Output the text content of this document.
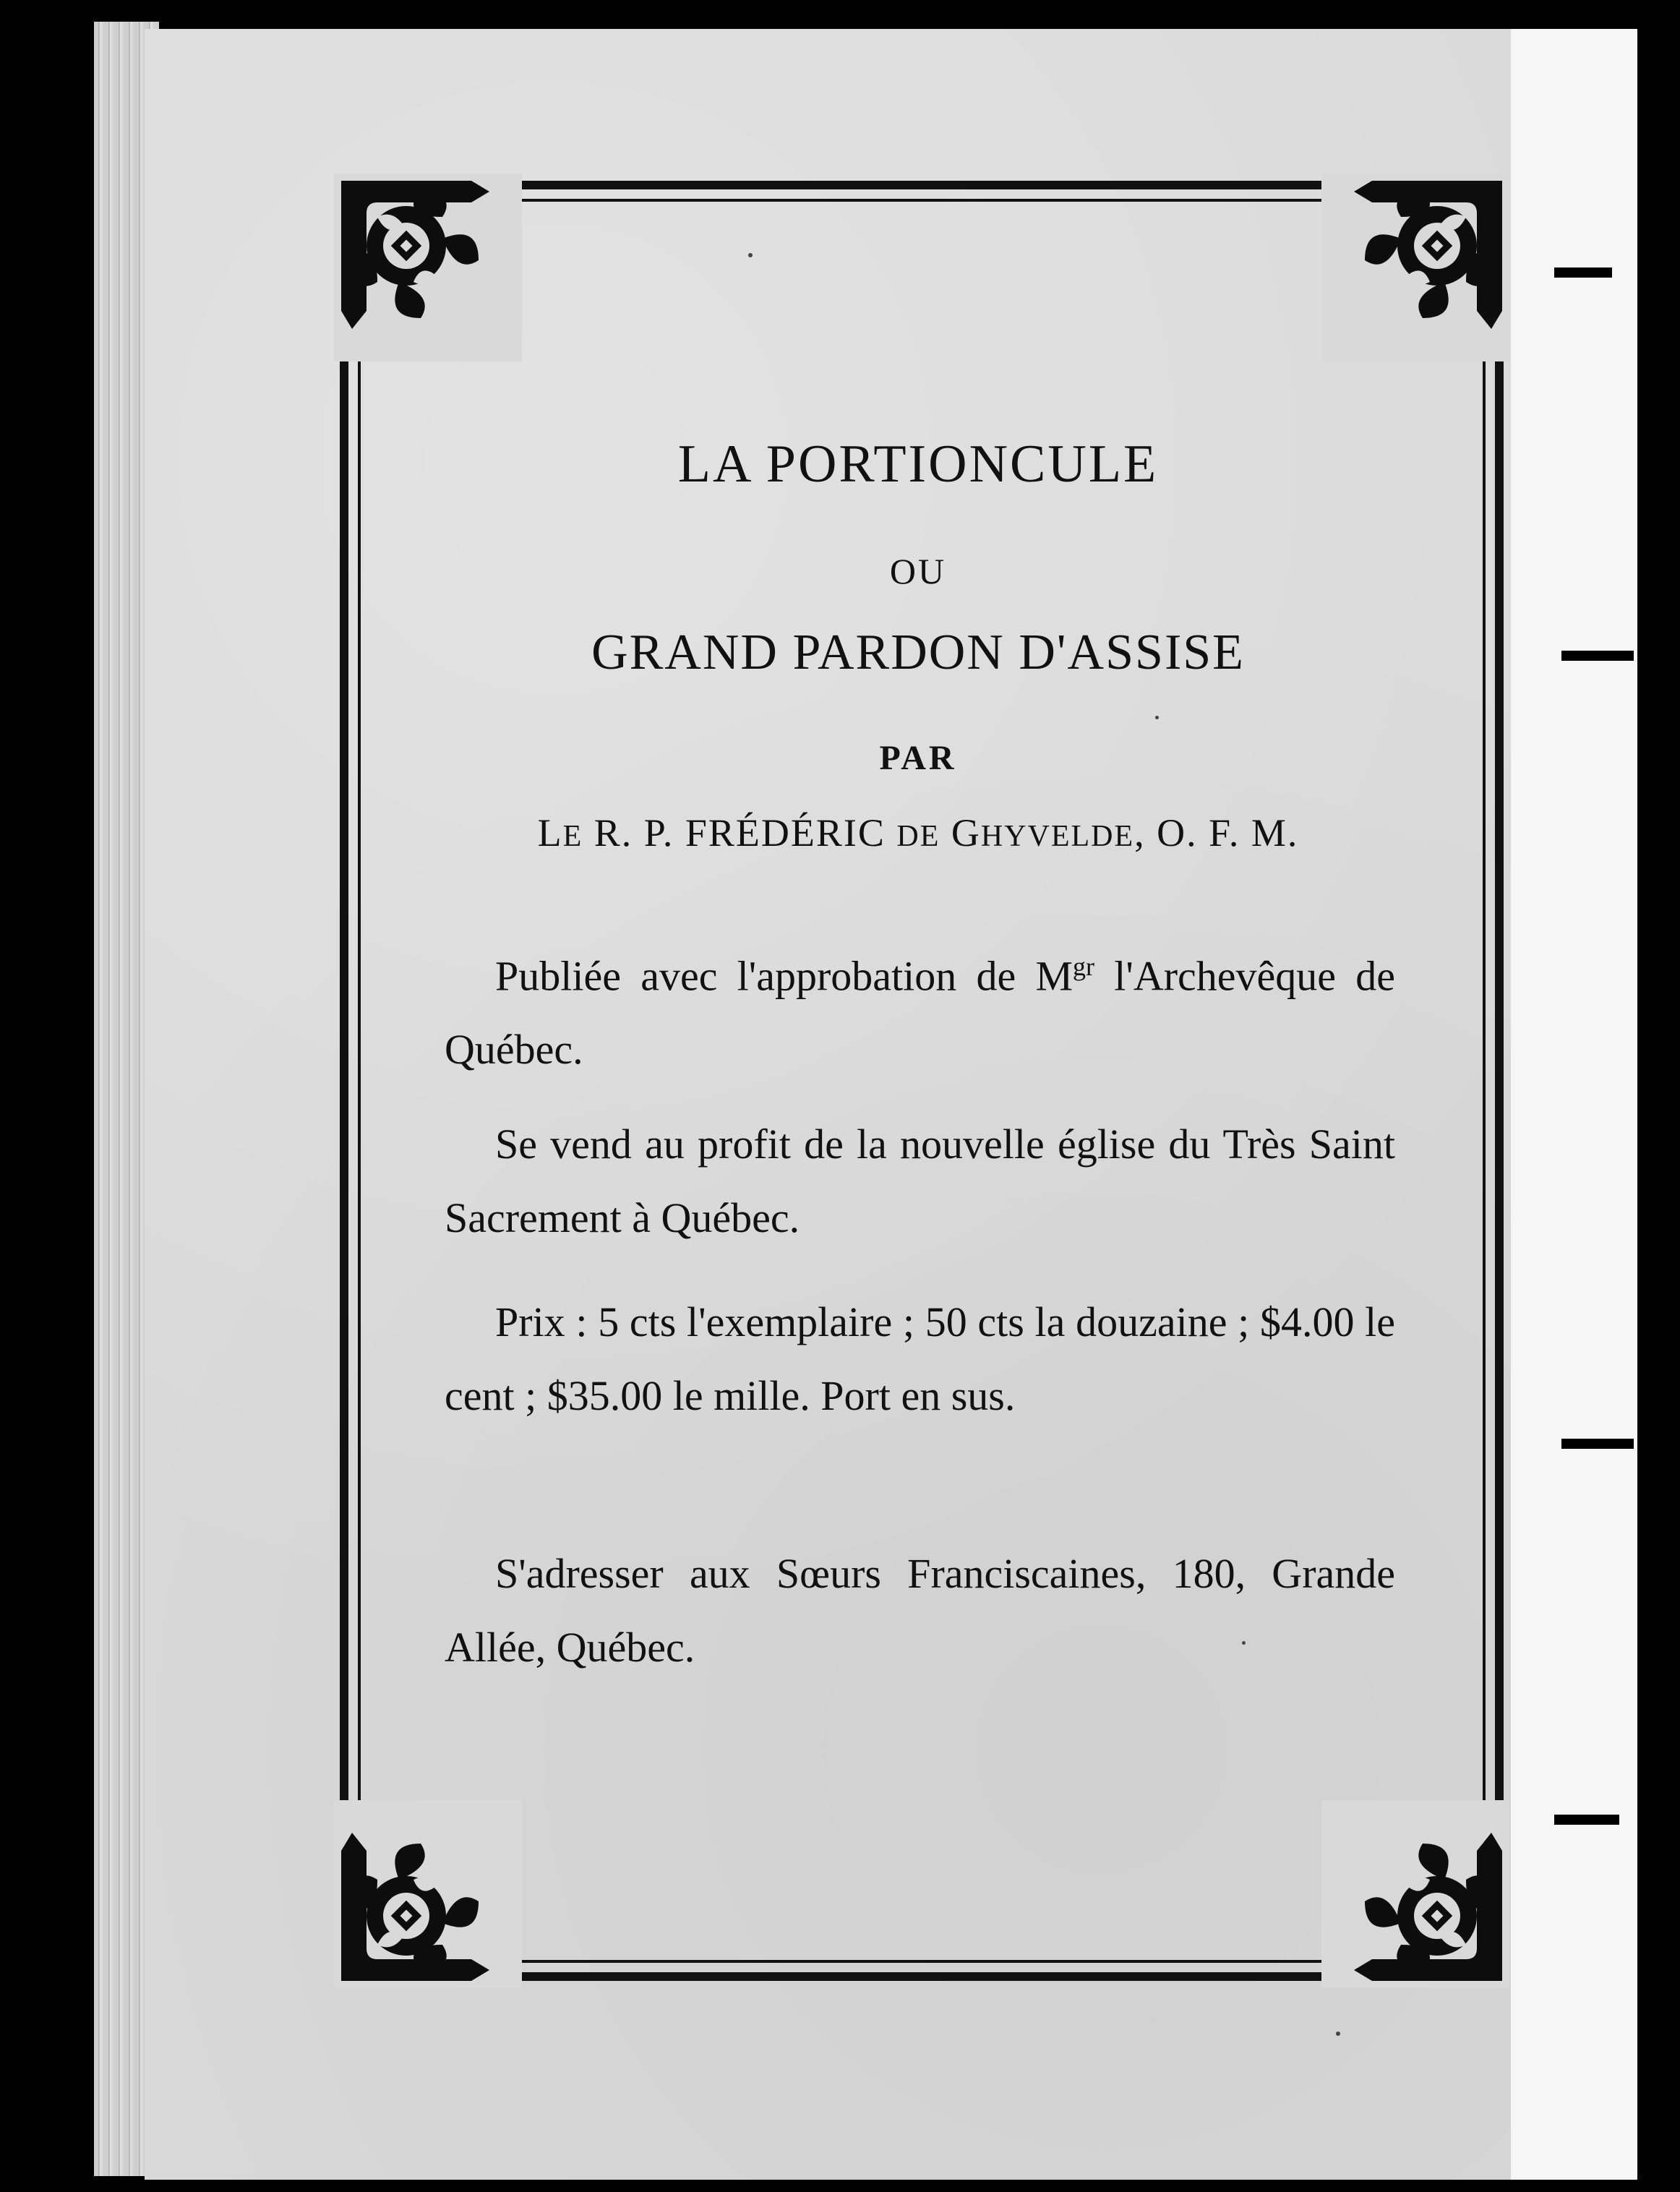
LA PORTIONCULE
OU
GRAND PARDON D'ASSISE
PAR
LE R. P. FRÉDÉRIC DE GHYVELDE, O. F. M.
Publiée avec l'approbation de $M^{gr}$ l'Archevêque de Québec.
Se vend au profit de la nouvelle église du Très Saint Sacrement à Québec.
Prix : 5 cts l'exemplaire ; 50 cts la douzaine ; $4.00 le cent ; $35.00 le mille. Port en sus.
S'adresser aux Sœurs Franciscaines, 180, Grande Allée, Québec.
